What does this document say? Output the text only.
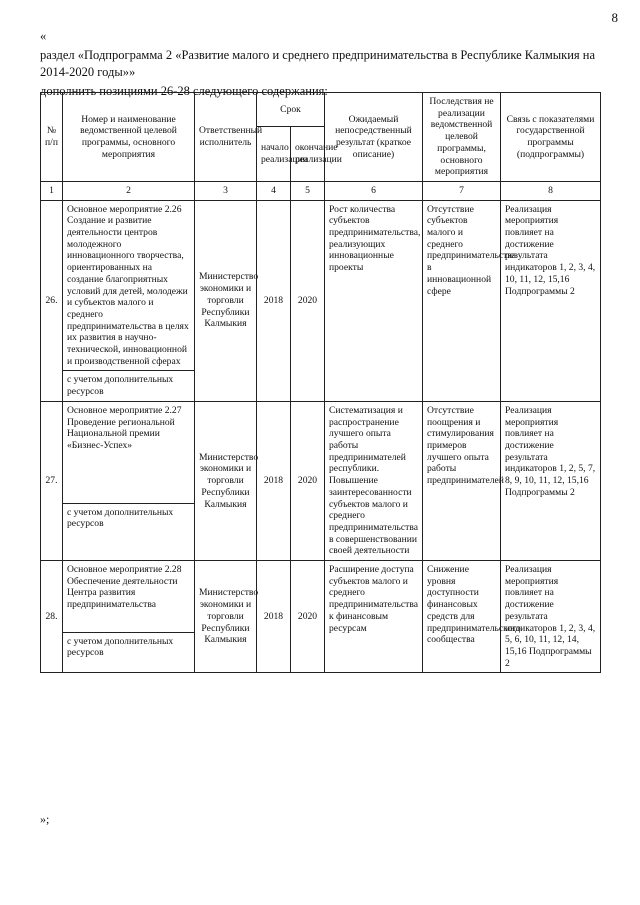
8
«
раздел «Подпрограмма 2 «Развитие малого и среднего предпринимательства в Республике Калмыкия на 2014-2020 годы»»
дополнить позициями 26-28 следующего содержания:
№ п/п	Номер и наименование ведомственной целевой программы, основного мероприятия	Ответственный исполнитель	Срок		Ожидаемый непосредственный результат (краткое описание)	Последствия не реализации ведомственной целевой программы, основного мероприятия	Связь с показателями государственной программы (подпрограммы)
			начало реализации	окончание реализации			
1	2	3	4	5	6	7	8
26.	Основное мероприятие 2.26 Создание и развитие деятельности центров молодежного инновационного творчества, ориентированных на создание благоприятных условий для детей, молодежи и субъектов малого и среднего предпринимательства в целях их развития в научно-технической, инновационной и производственной сферах	Министерство экономики и торговли Республики Калмыкия	2018	2020	Рост количества субъектов предпринимательства, реализующих инновационные проекты	Отсутствие субъектов малого и среднего предпринимательства в инновационной сфере	Реализация мероприятия повлияет на достижение результата индикаторов 1, 2, 3, 4, 10, 11, 12, 15,16 Подпрограммы 2
	с учетом дополнительных ресурсов						
27.	Основное мероприятие 2.27 Проведение региональной Национальной премии «Бизнес-Успех»	Министерство экономики и торговли Республики Калмыкия	2018	2020	Систематизация и распространение лучшего опыта работы предпринимателей республики. Повышение заинтересованности субъектов малого и среднего предпринимательства в совершенствовании своей деятельности	Отсутствие поощрения и стимулирования примеров лучшего опыта работы предпринимателей	Реализация мероприятия повлияет на достижение результата индикаторов 1, 2, 5, 7, 8, 9, 10, 11, 12, 15,16 Подпрограммы 2
	с учетом дополнительных ресурсов						
28.	Основное мероприятие 2.28 Обеспечение деятельности Центра развития предпринимательства	Министерство экономики и торговли Республики Калмыкия	2018	2020	Расширение доступа субъектов малого и среднего предпринимательства к финансовым ресурсам	Снижение уровня доступности финансовых средств для предпринимательского сообщества	Реализация мероприятия повлияет на достижение результата индикаторов 1, 2, 3, 4, 5, 6, 10, 11, 12, 14, 15,16 Подпрограммы 2
	с учетом дополнительных ресурсов						
»;
